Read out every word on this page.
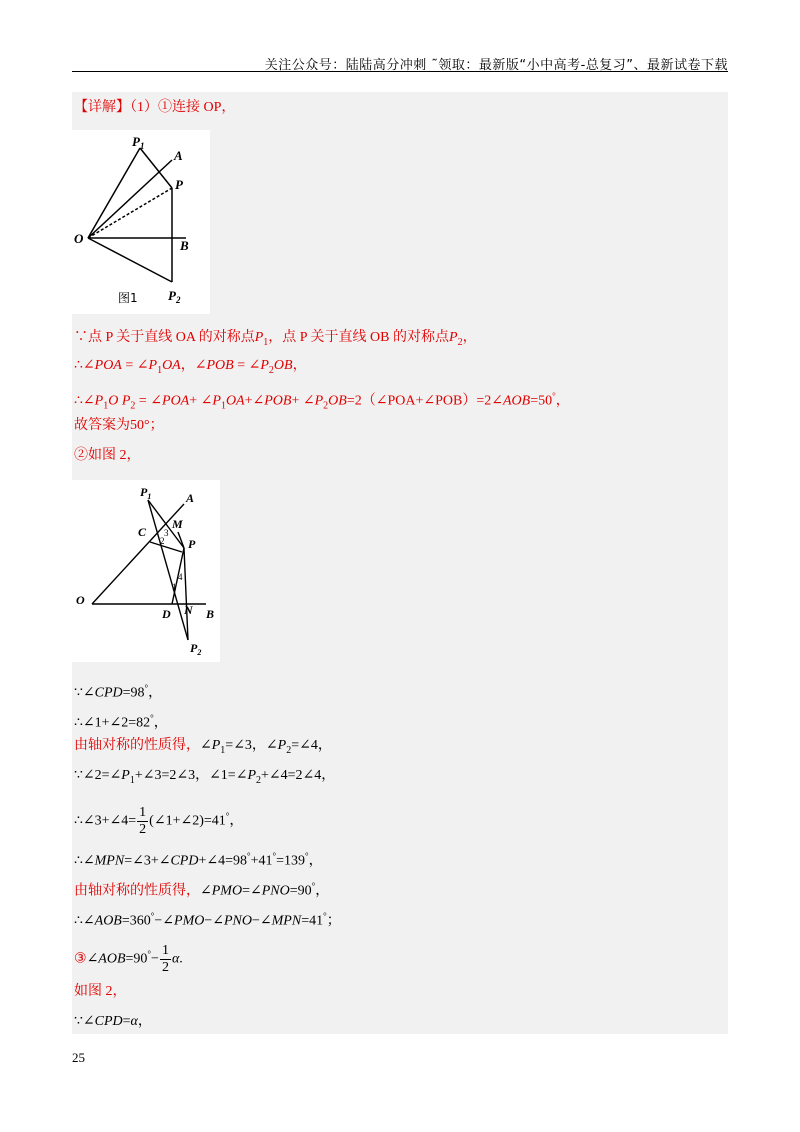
关注公众号：陆陆高分冲刺 ˜领取：最新版“小中高考-总复习”、最新试卷下载
【详解】（1）①连接 OP，
$P_1$
A
P
O	B
$P_2$
图1
∵点 P 关于直线 OA 的对称点$P_1$，点 P 关于直线 OB 的对称点$P_2$，
∴∠POA = $\angle P_1OA$，∠POB = $\angle P_2OB$，
$\therefore\angle P_1O$ $P_2$ = ∠POA+ $\angle P_1OA+\angle POB+$ $\angle P_2OB=2(\angle POA+\angle POB)=2\angle AOB=50^\circ$，
故答案为50°；
②如图 2，
$P_1$	A
C
M
P
O
D N B
$P_2$
2
3
1
4
∵∠CPD=98°，
∴∠1+∠2=82°，
由轴对称的性质得，$\angle P_1=\angle 3$，$\angle P_2=\angle 4$，
$\because\angle 2=\angle P_1+\angle 3=2\angle 3$，$\angle 1=\angle P_2+\angle 4=2\angle 4$，
∴∠3+∠4= $\frac{1}{2}$ (∠1+∠2)=41°，
∴∠MPN=∠3+∠CPD+∠4=98°+41°=139°，
由轴对称的性质得，∠PMO=∠PNO=90°，
∴∠AOB=360°−∠PMO−∠PNO−∠MPN=41°；
③∠AOB=90°− $\frac{1}{2} \alpha$.
如图 2，
∵∠CPD=α，
25
